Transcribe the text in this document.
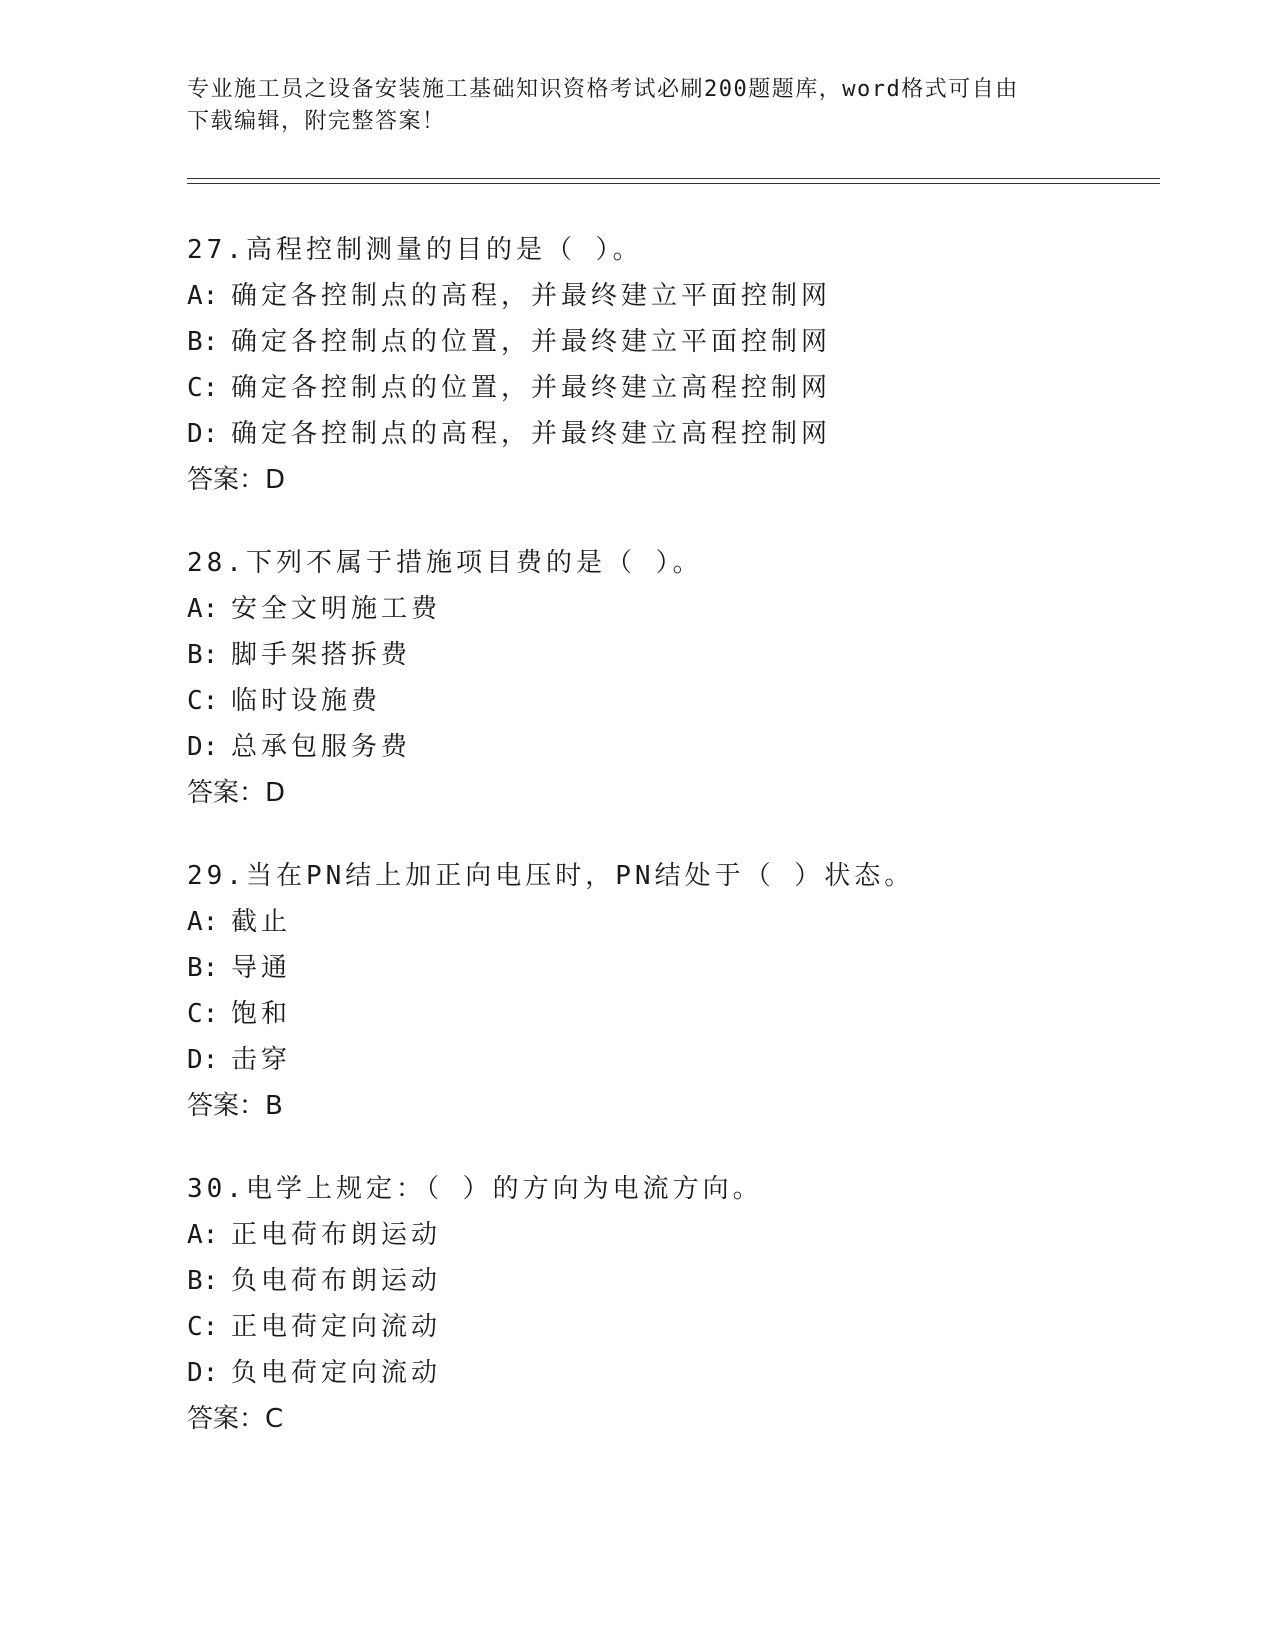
专业施工员之设备安装施工基础知识资格考试必刷200题题库，word格式可自由
下载编辑，附完整答案！
27.高程控制测量的目的是（ ）。
A: 确定各控制点的高程，并最终建立平面控制网
B: 确定各控制点的位置，并最终建立平面控制网
C: 确定各控制点的位置，并最终建立高程控制网
D: 确定各控制点的高程，并最终建立高程控制网
答案：D
28.下列不属于措施项目费的是（ ）。
A: 安全文明施工费
B: 脚手架搭拆费
C: 临时设施费
D: 总承包服务费
答案：D
29.当在PN结上加正向电压时，PN结处于（ ）状态。
A: 截止
B: 导通
C: 饱和
D: 击穿
答案：B
30.电学上规定：（ ）的方向为电流方向。
A: 正电荷布朗运动
B: 负电荷布朗运动
C: 正电荷定向流动
D: 负电荷定向流动
答案：C
